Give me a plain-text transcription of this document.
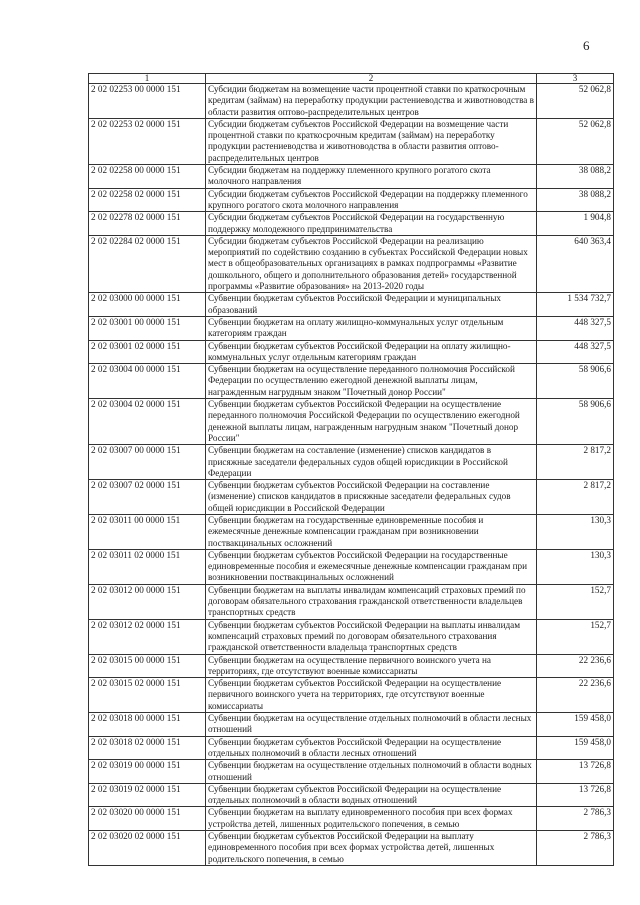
6
1	2	3
2 02 02253 00 0000 151	Субсидии бюджетам на возмещение части процентной ставки по краткосрочным кредитам (займам) на переработку продукции растениеводства и животноводства в области развития оптово-распределительных центров	52 062,8
2 02 02253 02 0000 151	Субсидии бюджетам субъектов Российской Федерации на возмещение части процентной ставки по краткосрочным кредитам (займам) на переработку продукции растениеводства и животноводства в области развития оптово-распределительных центров	52 062,8
2 02 02258 00 0000 151	Субсидии бюджетам на поддержку племенного крупного рогатого скота молочного направления	38 088,2
2 02 02258 02 0000 151	Субсидии бюджетам субъектов Российской Федерации на поддержку племенного крупного рогатого скота молочного направления	38 088,2
2 02 02278 02 0000 151	Субсидии бюджетам субъектов Российской Федерации на государственную поддержку молодежного предпринимательства	1 904,8
2 02 02284 02 0000 151	Субсидии бюджетам субъектов Российской Федерации на реализацию мероприятий по содействию созданию в субъектах Российской Федерации новых мест в общеобразовательных организациях в рамках подпрограммы «Развитие дошкольного, общего и дополнительного образования детей» государственной программы «Развитие образования» на 2013-2020 годы	640 363,4
2 02 03000 00 0000 151	Субвенции бюджетам субъектов Российской Федерации и муниципальных образований	1 534 732,7
2 02 03001 00 0000 151	Субвенции бюджетам на оплату жилищно-коммунальных услуг отдельным категориям граждан	448 327,5
2 02 03001 02 0000 151	Субвенции бюджетам субъектов Российской Федерации на оплату жилищно-коммунальных услуг отдельным категориям граждан	448 327,5
2 02 03004 00 0000 151	Субвенции бюджетам на осуществление переданного полномочия Российской Федерации по осуществлению ежегодной денежной выплаты лицам, награжденным нагрудным знаком "Почетный донор России"	58 906,6
2 02 03004 02 0000 151	Субвенции бюджетам субъектов Российской Федерации на осуществление переданного полномочия Российской Федерации по осуществлению ежегодной денежной выплаты лицам, награжденным нагрудным знаком "Почетный донор России"	58 906,6
2 02 03007 00 0000 151	Субвенции бюджетам на составление (изменение) списков кандидатов в присяжные заседатели федеральных судов общей юрисдикции в Российской Федерации	2 817,2
2 02 03007 02 0000 151	Субвенции бюджетам субъектов Российской Федерации на составление (изменение) списков кандидатов в присяжные заседатели федеральных судов общей юрисдикции в Российской Федерации	2 817,2
2 02 03011 00 0000 151	Субвенции бюджетам на государственные единовременные пособия и ежемесячные денежные компенсации гражданам при возникновении поствакцинальных осложнений	130,3
2 02 03011 02 0000 151	Субвенции бюджетам субъектов Российской Федерации на государственные единовременные пособия и ежемесячные денежные компенсации гражданам при возникновении поствакцинальных осложнений	130,3
2 02 03012 00 0000 151	Субвенции бюджетам на выплаты инвалидам компенсаций страховых премий по договорам обязательного страхования гражданской ответственности владельцев транспортных средств	152,7
2 02 03012 02 0000 151	Субвенции бюджетам субъектов Российской Федерации на выплаты инвалидам компенсаций страховых премий по договорам обязательного страхования гражданской ответственности владельца транспортных средств	152,7
2 02 03015 00 0000 151	Субвенции бюджетам на осуществление первичного воинского учета на территориях, где отсутствуют военные комиссариаты	22 236,6
2 02 03015 02 0000 151	Субвенции бюджетам субъектов Российской Федерации на осуществление первичного воинского учета на территориях, где отсутствуют военные комиссариаты	22 236,6
2 02 03018 00 0000 151	Субвенции бюджетам на осуществление отдельных полномочий в области лесных отношений	159 458,0
2 02 03018 02 0000 151	Субвенции бюджетам субъектов Российской Федерации на осуществление отдельных полномочий в области лесных отношений	159 458,0
2 02 03019 00 0000 151	Субвенции бюджетам на осуществление отдельных полномочий в области водных отношений	13 726,8
2 02 03019 02 0000 151	Субвенции бюджетам субъектов Российской Федерации на осуществление отдельных полномочий в области водных отношений	13 726,8
2 02 03020 00 0000 151	Субвенции бюджетам на выплату единовременного пособия при всех формах устройства детей, лишенных родительского попечения, в семью	2 786,3
2 02 03020 02 0000 151	Субвенции бюджетам субъектов Российской Федерации на выплату единовременного пособия при всех формах устройства детей, лишенных родительского попечения, в семью	2 786,3
